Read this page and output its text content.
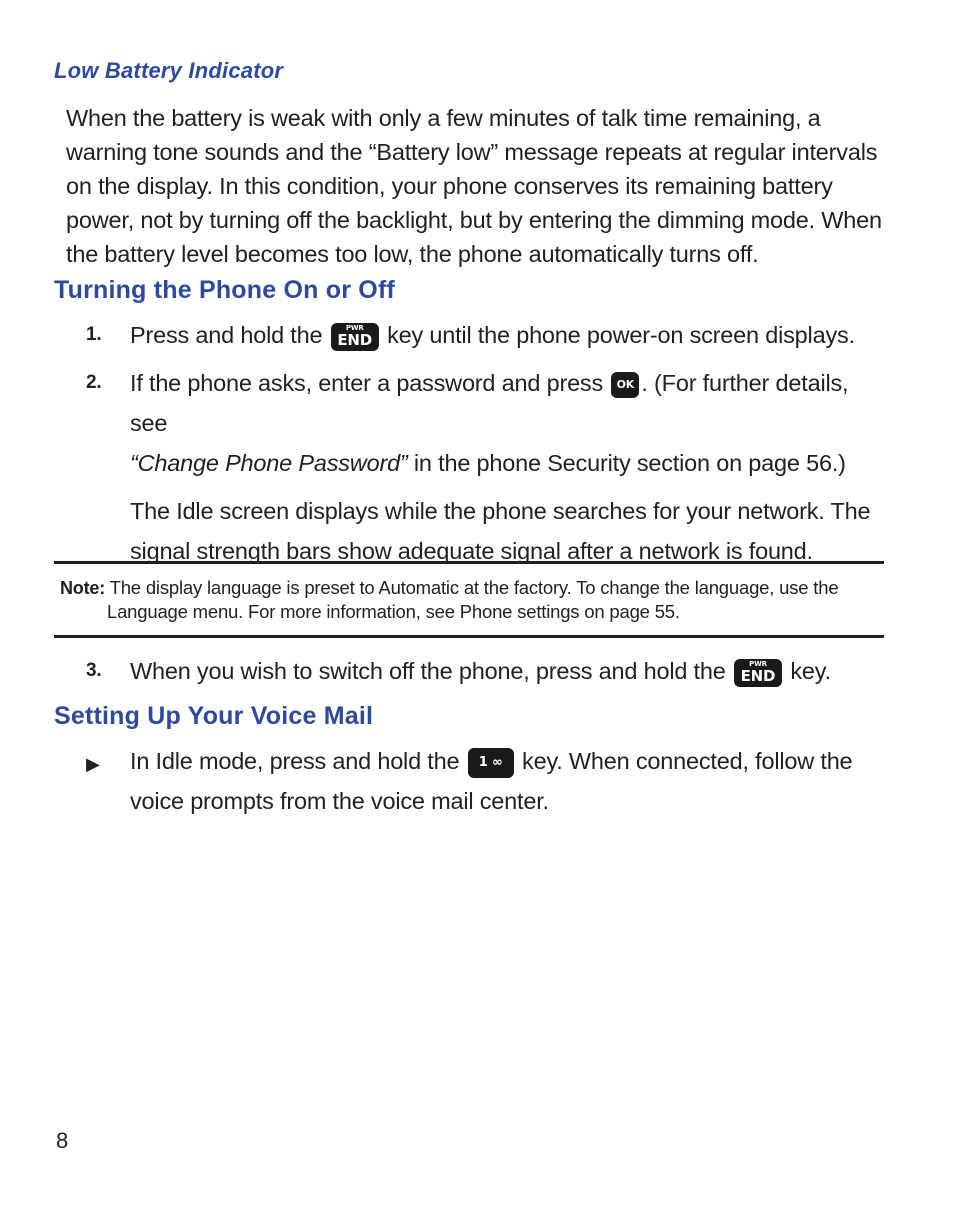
Low Battery Indicator
When the battery is weak with only a few minutes of talk time remaining, a warning tone sounds and the “Battery low” message repeats at regular intervals on the display. In this condition, your phone conserves its remaining battery power, not by turning off the backlight, but by entering the dimming mode. When the battery level becomes too low, the phone automatically turns off.
Turning the Phone On or Off
1. Press and hold the	PWR
END key until the phone power-on screen displays.
2. If the phone asks, enter a password and press OK . (For further details, see
“Change Phone Password” in the phone Security section on page 56.)
The Idle screen displays while the phone searches for your network. The signal strength bars show adequate signal after a network is found.
Note: The display language is preset to Automatic at the factory. To change the language, use the
Language menu. For more information, see Phone settings on page 55.
3. When you wish to switch off the phone, press and hold the	PWR
END key.
Setting Up Your Voice Mail
▶ In Idle mode, press and hold the 1 ∞ key. When connected, follow the voice prompts from the voice mail center.
8
